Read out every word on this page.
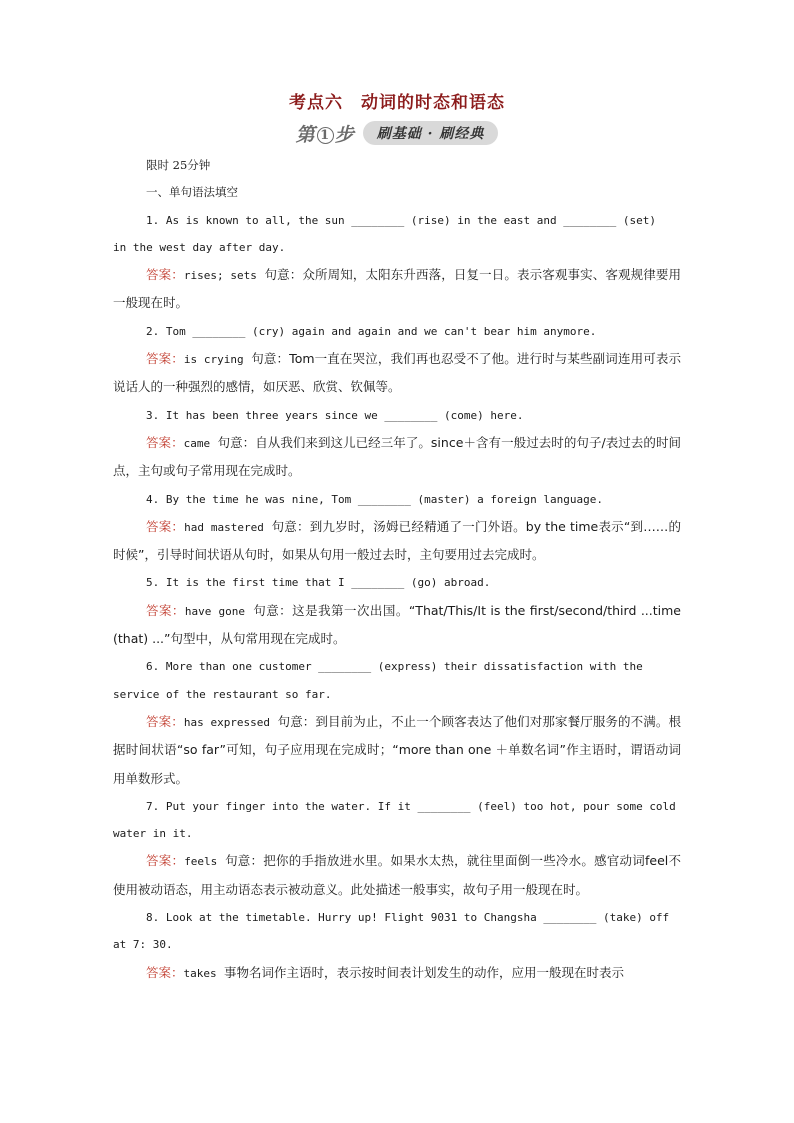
考点六 动词的时态和语态
第 1 步	刷基础 · 刷经典

限时 25分钟

一、单句语法填空

1. As is known to all, the sun ________ (rise) in the east and ________ (set)

in the west day after day.

答案：rises; sets 句意：众所周知，太阳东升西落，日复一日。表示客观事实、客观规律要用一般现在时。

2. Tom ________ (cry) again and again and we can't bear him anymore.

答案：is crying 句意：Tom一直在哭泣，我们再也忍受不了他。进行时与某些副词连用可表示说话人的一种强烈的感情，如厌恶、欣赏、钦佩等。

3. It has been three years since we ________ (come) here.

答案：came 句意：自从我们来到这儿已经三年了。since＋含有一般过去时的句子/表过去的时间点，主句或句子常用现在完成时。

4. By the time he was nine, Tom ________ (master) a foreign language.

答案：had mastered 句意：到九岁时，汤姆已经精通了一门外语。by the time表示“到……的时候”，引导时间状语从句时，如果从句用一般过去时，主句要用过去完成时。

5. It is the first time that I ________ (go) abroad.

答案：have gone 句意：这是我第一次出国。“That/This/It is the first/second/third ...time (that) ...”句型中，从句常用现在完成时。

6. More than one customer ________ (express) their dissatisfaction with the

service of the restaurant so far.

答案：has expressed 句意：到目前为止，不止一个顾客表达了他们对那家餐厅服务的不满。根据时间状语“so far”可知，句子应用现在完成时；“more than one ＋单数名词”作主语时，谓语动词用单数形式。

7. Put your finger into the water. If it ________ (feel) too hot, pour some cold

water in it.

答案：feels 句意：把你的手指放进水里。如果水太热，就往里面倒一些冷水。感官动词feel不使用被动语态，用主动语态表示被动意义。此处描述一般事实，故句子用一般现在时。

8. Look at the timetable. Hurry up! Flight 9031 to Changsha ________ (take) off

at 7: 30.

答案：takes 事物名词作主语时，表示按时间表计划发生的动作，应用一般现在时表示
